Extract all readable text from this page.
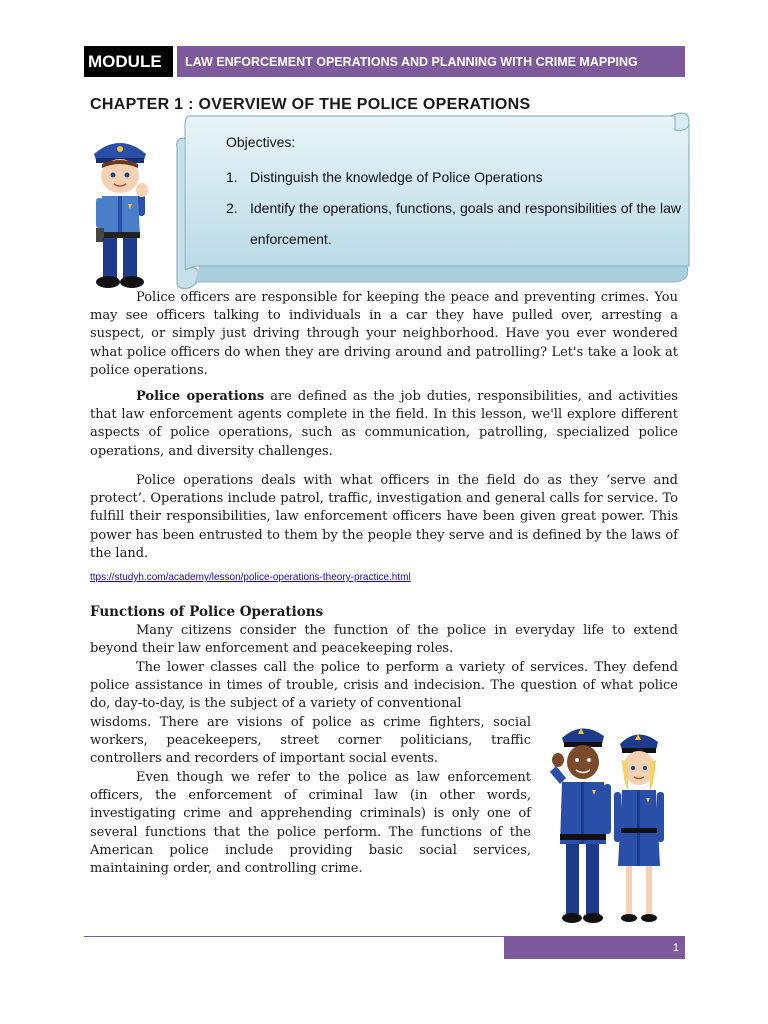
MODULE	LAW ENFORCEMENT OPERATIONS AND PLANNING WITH CRIME MAPPING
CHAPTER 1 : OVERVIEW OF THE POLICE OPERATIONS

Objectives:

1. Distinguish the knowledge of Police Operations
2. Identify the operations, functions, goals and responsibilities of the law enforcement.

Police officers are responsible for keeping the peace and preventing crimes. You may see officers talking to individuals in a car they have pulled over, arresting a suspect, or simply just driving through your neighborhood. Have you ever wondered what police officers do when they are driving around and patrolling? Let's take a look at police operations.

Police operations are defined as the job duties, responsibilities, and activities that law enforcement agents complete in the field. In this lesson, we'll explore different aspects of police operations, such as communication, patrolling, specialized police operations, and diversity challenges.

Police operations deals with what officers in the field do as they ‘serve and protect’. Operations include patrol, traffic, investigation and general calls for service. To fulfill their responsibilities, law enforcement officers have been given great power. This power has been entrusted to them by the people they serve and is defined by the laws of the land.

ttps://studyh.com/academy/lesson/police-operations-theory-practice.html

Functions of Police Operations

Many citizens consider the function of the police in everyday life to extend beyond their law enforcement and peacekeeping roles.

The lower classes call the police to perform a variety of services. They defend police assistance in times of trouble, crisis and indecision. The question of what police do, day-to-day, is the subject of a variety of conventional

wisdoms. There are visions of police as crime fighters, social workers, peacekeepers, street corner politicians, traffic controllers and recorders of important social events.

Even though we refer to the police as law enforcement officers, the enforcement of criminal law (in other words, investigating crime and apprehending criminals) is only one of several functions that the police perform. The functions of the American police include providing basic social services, maintaining order, and controlling crime.

1
